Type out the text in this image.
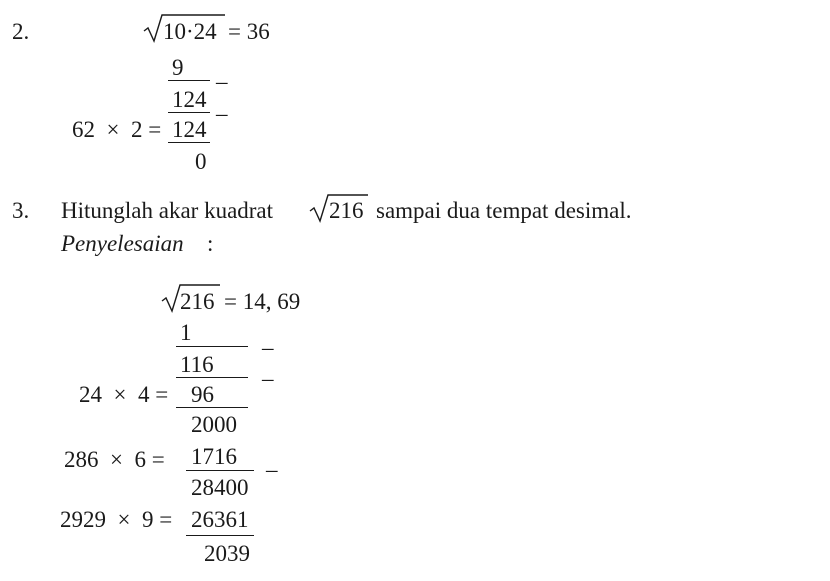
2.	10·24 = 36
9
–
124
–
62  ×  2 = 124
0
3. Hitunglah akar kuadrat 216 sampai dua tempat desimal.
Penyelesaian :
216 = 14, 69
1
–
116
–
24  ×  4 = 96
2000
286  ×  6 = 1716
–
28400
2929  ×  9 = 26361
2039
